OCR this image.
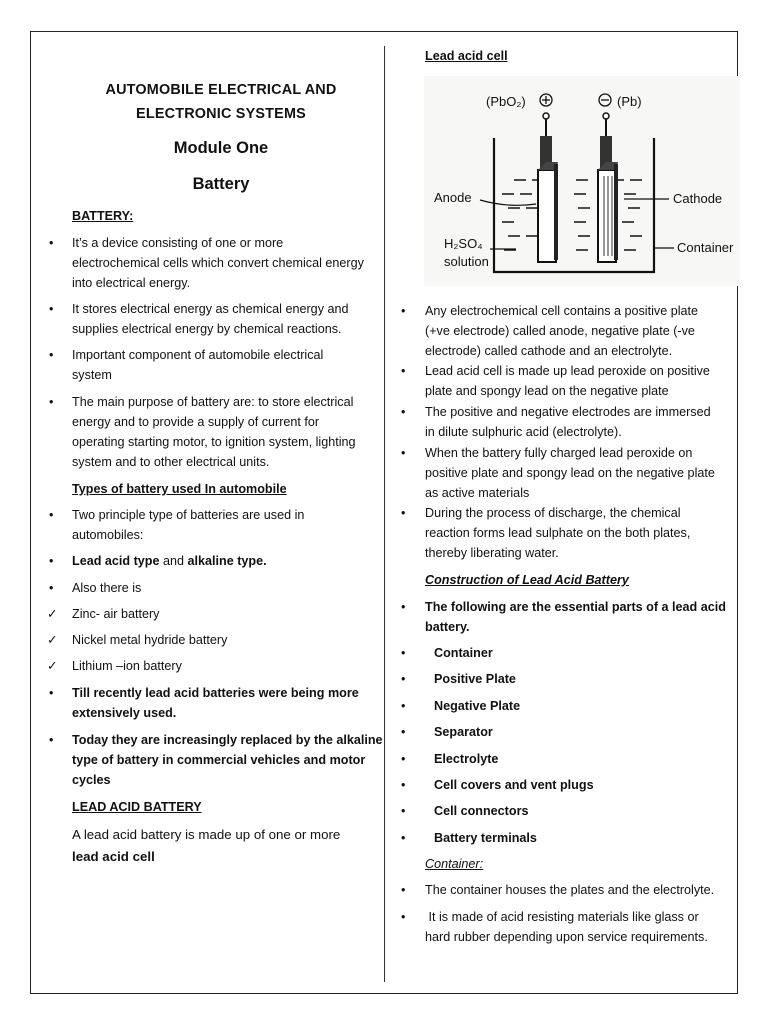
AUTOMOBILE ELECTRICAL AND
ELECTRONIC SYSTEMS
Module One
Battery
BATTERY:
• It’s a device consisting of one or more
electrochemical cells which convert chemical energy
into electrical energy.
• It stores electrical energy as chemical energy and
supplies electrical energy by chemical reactions.
• Important component of automobile electrical
system
• The main purpose of battery are: to store electrical
energy and to provide a supply of current for
operating starting motor, to ignition system, lighting
system and to other electrical units.
Types of battery used In automobile
• Two principle type of batteries are used in
automobiles:
• Lead acid type and alkaline type.
• Also there is
✓ Zinc- air battery
✓ Nickel metal hydride battery
✓ Lithium –ion battery
• Till recently lead acid batteries were being more
extensively used.
• Today they are increasingly replaced by the alkaline
type of battery in commercial vehicles and motor
cycles
LEAD ACID BATTERY
A lead acid battery is made up of one or more
lead acid cell
Lead acid cell
(PbO₂)	(Pb)
Anode	Cathode
H₂SO₄
solution
Container
• Any electrochemical cell contains a positive plate
(+ve electrode) called anode, negative plate (-ve
electrode) called cathode and an electrolyte.
• Lead acid cell is made up lead peroxide on positive
plate and spongy lead on the negative plate
• The positive and negative electrodes are immersed
in dilute sulphuric acid (electrolyte).
• When the battery fully charged lead peroxide on
positive plate and spongy lead on the negative plate
as active materials
• During the process of discharge, the chemical
reaction forms lead sulphate on the both plates,
thereby liberating water.
Construction of Lead Acid Battery
• The following are the essential parts of a lead acid
battery.
• Container
• Positive Plate
• Negative Plate
• Separator
• Electrolyte
• Cell covers and vent plugs
• Cell connectors
• Battery terminals
Container:
• The container houses the plates and the electrolyte.
• It is made of acid resisting materials like glass or
hard rubber depending upon service requirements.
